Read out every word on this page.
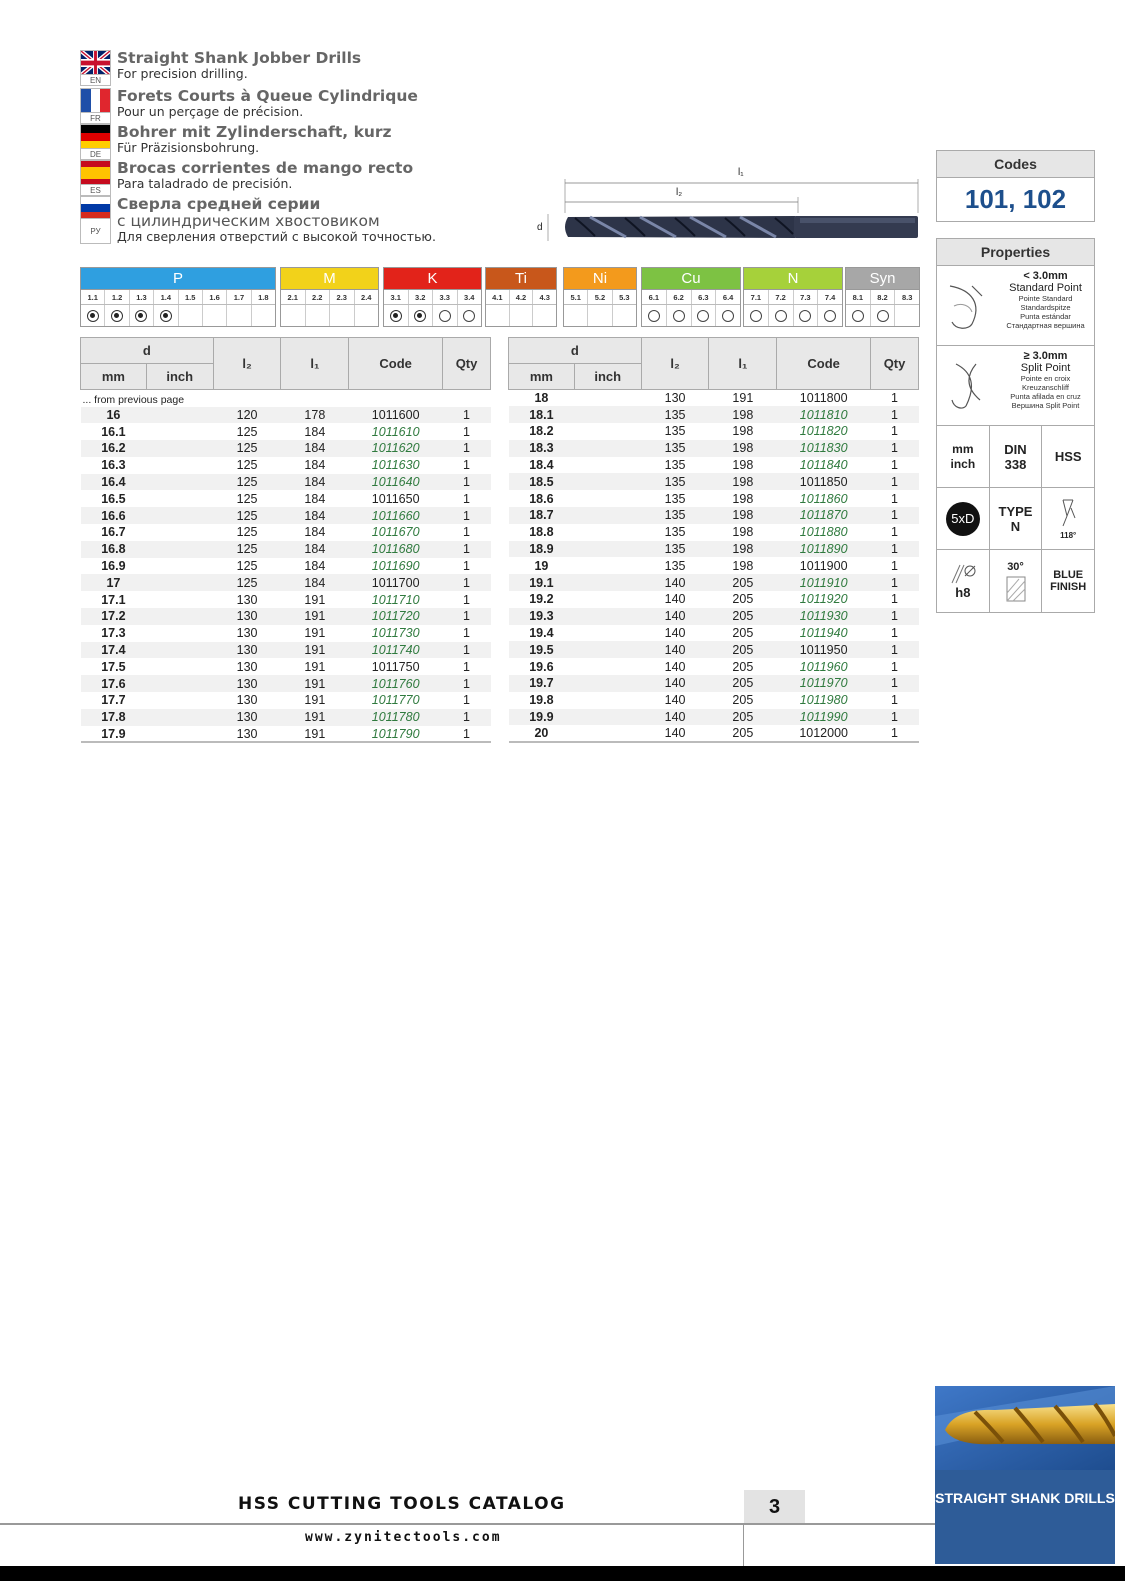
EN
Straight Shank Jobber Drills
For precision drilling.
FR
Forets Courts à Queue Cylindrique
Pour un perçage de précision.
DE
Bohrer mit Zylinderschaft, kurz
Für Präzisionsbohrung.
ES
Brocas corrientes de mango recto
Para taladrado de precisión.
РУ
Сверла средней серии
с цилиндрическим хвостовиком
Для сверления отверстий с высокой точностью.
l₁
l₂
d
P
1.1	1.2	1.3	1.4	1.5	1.6	1.7	1.8
M
2.1	2.2	2.3	2.4
K
3.1	3.2	3.3	3.4
Ti
4.1	4.2	4.3
Ni
5.1	5.2	5.3
Cu
6.1	6.2	6.3	6.4
N
7.1	7.2	7.3	7.4
Syn
8.1	8.2	8.3
d		l₂	l₁	Code	Qty
mm	inch				
... from previous page					
16		120	178	1011600	1
16.1		125	184	1011610	1
16.2		125	184	1011620	1
16.3		125	184	1011630	1
16.4		125	184	1011640	1
16.5		125	184	1011650	1
16.6		125	184	1011660	1
16.7		125	184	1011670	1
16.8		125	184	1011680	1
16.9		125	184	1011690	1
17		125	184	1011700	1
17.1		130	191	1011710	1
17.2		130	191	1011720	1
17.3		130	191	1011730	1
17.4		130	191	1011740	1
17.5		130	191	1011750	1
17.6		130	191	1011760	1
17.7		130	191	1011770	1
17.8		130	191	1011780	1
17.9		130	191	1011790	1
d		l₂	l₁	Code	Qty
mm	inch				
18		130	191	1011800	1
18.1		135	198	1011810	1
18.2		135	198	1011820	1
18.3		135	198	1011830	1
18.4		135	198	1011840	1
18.5		135	198	1011850	1
18.6		135	198	1011860	1
18.7		135	198	1011870	1
18.8		135	198	1011880	1
18.9		135	198	1011890	1
19		135	198	1011900	1
19.1		140	205	1011910	1
19.2		140	205	1011920	1
19.3		140	205	1011930	1
19.4		140	205	1011940	1
19.5		140	205	1011950	1
19.6		140	205	1011960	1
19.7		140	205	1011970	1
19.8		140	205	1011980	1
19.9		140	205	1011990	1
20		140	205	1012000	1
Codes
101, 102
Properties
< 3.0mm
Standard Point
Pointe Standard
Standardspitze
Punta estándar
Стандартная вершина
≥ 3.0mm
Split Point
Pointe en croix
Kreuzanschliff
Punta afilada en cruz
Вершина Split Point
mm inch
DIN 338	HSS
5xD	TYPE N
118°
h8
30°
BLUE FINISH
HSS CUTTING TOOLS CATALOG	3
www.zynitectools.com
STRAIGHT SHANK DRILLS
